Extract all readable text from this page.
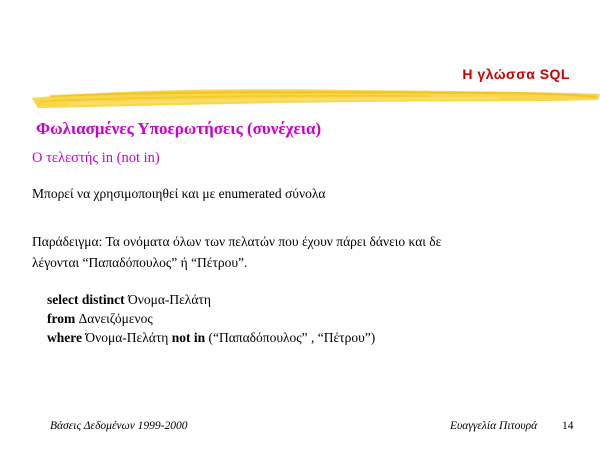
Η γλώσσα SQL
Φωλιασμένες Υποερωτήσεις (συνέχεια)
Ο τελεστής in (not in)
Μπορεί να χρησιμοποιηθεί και με enumerated σύνολα
Παράδειγμα: Τα ονόματα όλων των πελατών που έχουν πάρει δάνειο και δε
λέγονται “Παπαδόπουλος” ή “Πέτρου”.
select distinct Όνομα-Πελάτη
from Δανειζόμενος
where Όνομα-Πελάτη not in (“Παπαδόπουλος” , “Πέτρου”)
Βάσεις Δεδομένων 1999-2000	Ευαγγελία Πιτουρά 14
